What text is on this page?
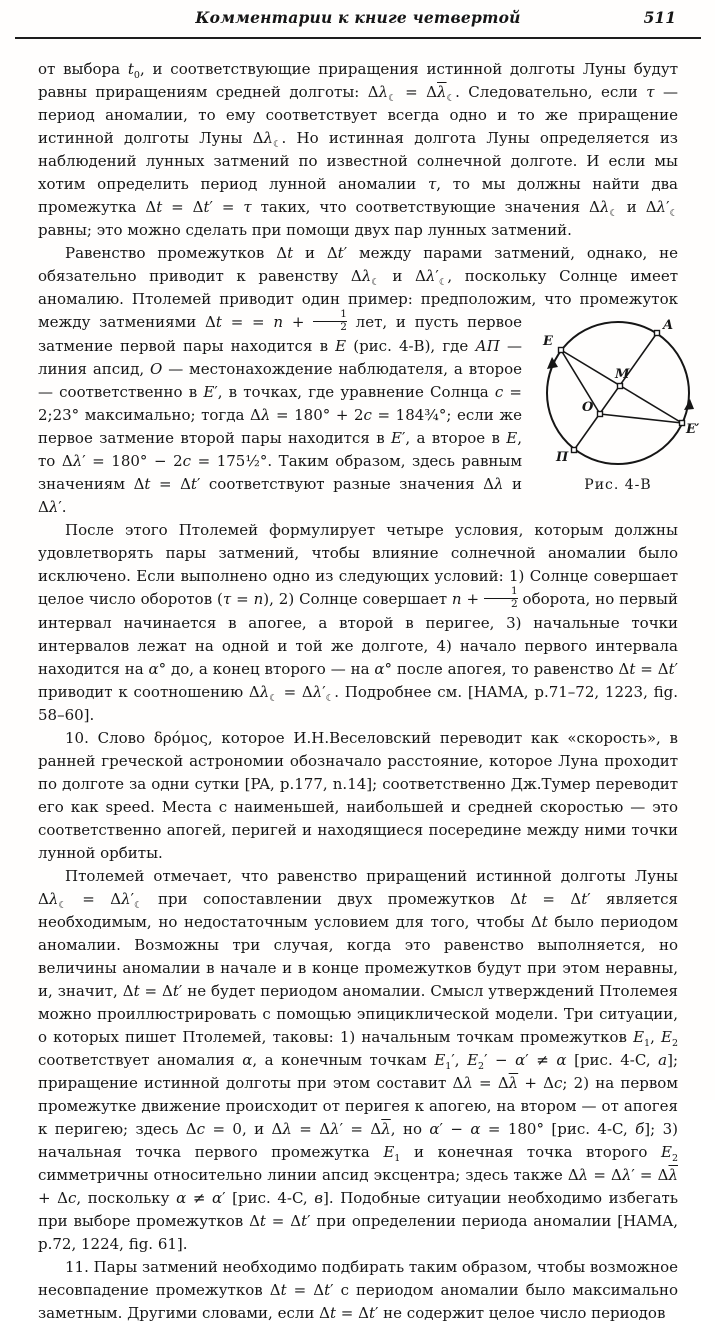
Комментарии к книге четвертой	511

от выбора $t_0$, и соответствующие приращения истинной долготы Луны будут равны приращениям средней долготы: $\Delta\lambda_☾ = \Delta\overline{\lambda}_☾$. Следовательно, если τ — период аномалии, то ему соответствует всегда одно и то же приращение истинной долготы Луны $\Delta\lambda_☾$. Но истинная долгота Луны определяется из наблюдений лунных затмений по известной солнечной долготе. И если мы хотим определить период лунной аномалии τ, то мы должны найти два промежутка Δt = Δt′ = τ таких, что соответствующие значения $\Delta\lambda_☾$ и $\Delta\lambda'_☾$ равны; это можно сделать при помощи двух пар лунных затмений.

Равенство промежутков Δt и Δt′ между парами затмений, однако, не обязательно приводит к равенству $\Delta\lambda_☾$ и $\Delta\lambda'_☾$, поскольку Солнце имеет аномалию. Птолемей приводит один пример: предположим, что промежуток между затмениями Δt = =	A
E
M
O
E′
П
Рис. 4-B
$n + \frac{1}{2}$ лет, и пусть первое затмение первой пары находится в E (рис. 4-B), где АП — линия апсид, O — местонахождение наблюдателя, а второе — соответственно в E′, в точках, где уравнение Солнца c = 2;23° максимально; тогда Δλ = 180° + 2c = 184¾°; если же первое затмение второй пары находится в E′, а второе в E, то Δλ′ = 180° − 2c = 175½°. Таким образом, здесь равным значениям Δt = Δt′ соответствуют разные значения Δλ и Δλ′.

После этого Птолемей формулирует четыре условия, которым должны удовлетворять пары затмений, чтобы влияние солнечной аномалии было исключено. Если выполнено одно из следующих условий: 1) Солнце совершает целое число оборотов (τ = n), 2) Солнце совершает $n + \frac{1}{2}$ оборота, но первый интервал начинается в апогее, а второй в перигее, 3) начальные точки интервалов лежат на одной и той же долготе, 4) начало первого интервала находится на α° до, а конец второго — на α° после апогея, то равенство Δt = Δt′ приводит к соотношению $\Delta\lambda_☾ = \Delta\lambda'_☾$. Подробнее см. [HAMA, p.71–72, 1223, fig. 58–60].

10. Слово δρόμος, которое И.Н.Веселовский переводит как «скорость», в ранней греческой астрономии обозначало расстояние, которое Луна проходит по долготе за одни сутки [PA, p.177, n.14]; соответственно Дж.Тумер переводит его как speed. Места с наименьшей, наибольшей и средней скоростью — это соответственно апогей, перигей и находящиеся посередине между ними точки лунной орбиты.

Птолемей отмечает, что равенство приращений истинной долготы Луны $\Delta\lambda_☾ = \Delta\lambda'_☾$ при сопоставлении двух промежутков Δt = Δt′ является необходимым, но недостаточным условием для того, чтобы Δt было периодом аномалии. Возможны три случая, когда это равенство выполняется, но величины аномалии в начале и в конце промежутков будут при этом неравны, и, значит, Δt = Δt′ не будет периодом аномалии. Смысл утверждений Птолемея можно проиллюстрировать с помощью эпициклической модели. Три ситуации, о которых пишет Птолемей, таковы: 1) начальным точкам промежутков $E_1$, $E_2$ соответствует аномалия α, а конечным точкам $E_1'$, $E_2' - \alpha' \ne \alpha$ [рис. 4-C, а]; приращение истинной долготы при этом составит $\Delta\lambda = \Delta\overline{\lambda} + \Delta c$; 2) на первом промежутке движение происходит от перигея к апогею, на втором — от апогея к перигею; здесь Δc = 0, и $\Delta\lambda = \Delta\lambda' = \Delta\overline{\lambda}$, но α′ − α = 180° [рис. 4-C, б]; 3) начальная точка первого промежутка $E_1$ и конечная точка второго $E_2$ симметричны относительно линии апсид эксцентра; здесь также $\Delta\lambda = \Delta\lambda' = \Delta\overline{\lambda} + \Delta c$, поскольку α ≠ α′ [рис. 4-C, в]. Подобные ситуации необходимо избегать при выборе промежутков Δt = Δt′ при определении периода аномалии [HAMA, p.72, 1224, fig. 61].

11. Пары затмений необходимо подбирать таким образом, чтобы возможное несовпадение промежутков Δt = Δt′ с периодом аномалии было максимально заметным. Другими словами, если Δt = Δt′ не содержит целое число периодов
